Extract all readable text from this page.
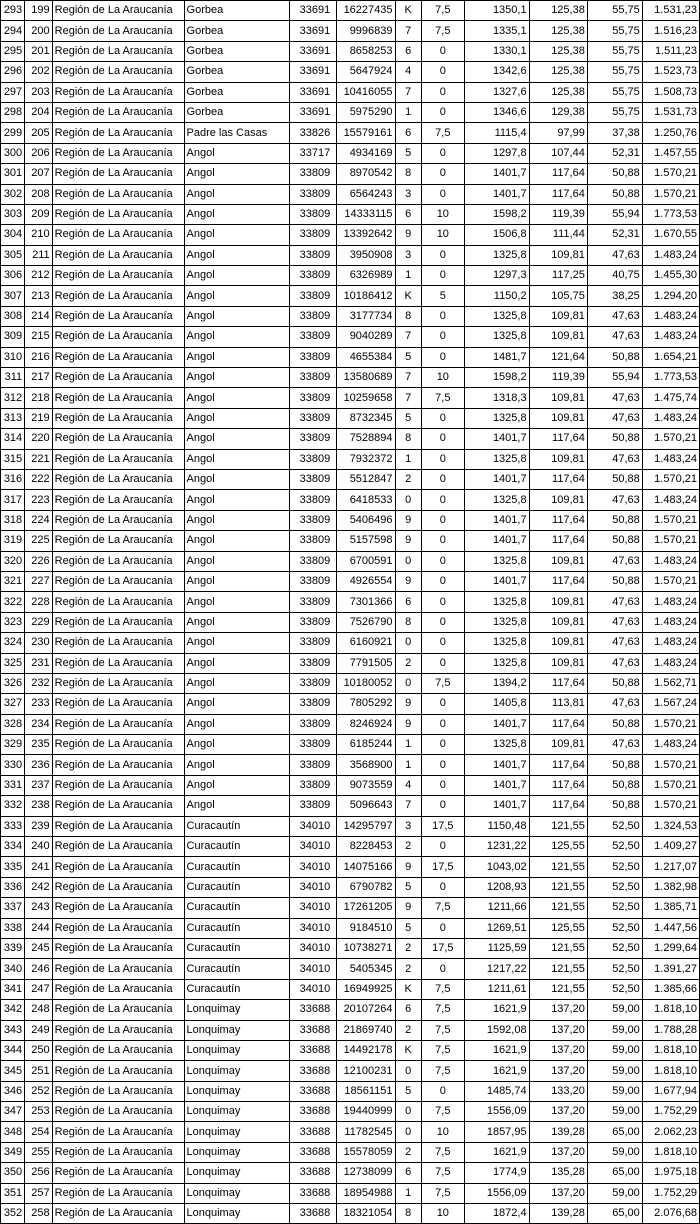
293	199	Región de La Araucanía	Gorbea	33691	16227435	K	7,5	1350,1	125,38	55,75	1.531,23
294	200	Región de La Araucanía	Gorbea	33691	9996839	7	7,5	1335,1	125,38	55,75	1.516,23
295	201	Región de La Araucanía	Gorbea	33691	8658253	6	0	1330,1	125,38	55,75	1.511,23
296	202	Región de La Araucanía	Gorbea	33691	5647924	4	0	1342,6	125,38	55,75	1.523,73
297	203	Región de La Araucanía	Gorbea	33691	10416055	7	0	1327,6	125,38	55,75	1.508,73
298	204	Región de La Araucanía	Gorbea	33691	5975290	1	0	1346,6	129,38	55,75	1.531,73
299	205	Región de La Araucanía	Padre las Casas	33826	15579161	6	7,5	1115,4	97,99	37,38	1.250,76
300	206	Región de La Araucanía	Angol	33717	4934169	5	0	1297,8	107,44	52,31	1.457,55
301	207	Región de La Araucanía	Angol	33809	8970542	8	0	1401,7	117,64	50,88	1.570,21
302	208	Región de La Araucanía	Angol	33809	6564243	3	0	1401,7	117,64	50,88	1.570,21
303	209	Región de La Araucanía	Angol	33809	14333115	6	10	1598,2	119,39	55,94	1.773,53
304	210	Región de La Araucanía	Angol	33809	13392642	9	10	1506,8	111,44	52,31	1.670,55
305	211	Región de La Araucanía	Angol	33809	3950908	3	0	1325,8	109,81	47,63	1.483,24
306	212	Región de La Araucanía	Angol	33809	6326989	1	0	1297,3	117,25	40,75	1.455,30
307	213	Región de La Araucanía	Angol	33809	10186412	K	5	1150,2	105,75	38,25	1.294,20
308	214	Región de La Araucanía	Angol	33809	3177734	8	0	1325,8	109,81	47,63	1.483,24
309	215	Región de La Araucanía	Angol	33809	9040289	7	0	1325,8	109,81	47,63	1.483,24
310	216	Región de La Araucanía	Angol	33809	4655384	5	0	1481,7	121,64	50,88	1.654,21
311	217	Región de La Araucanía	Angol	33809	13580689	7	10	1598,2	119,39	55,94	1.773,53
312	218	Región de La Araucanía	Angol	33809	10259658	7	7,5	1318,3	109,81	47,63	1.475,74
313	219	Región de La Araucanía	Angol	33809	8732345	5	0	1325,8	109,81	47,63	1.483,24
314	220	Región de La Araucanía	Angol	33809	7528894	8	0	1401,7	117,64	50,88	1.570,21
315	221	Región de La Araucanía	Angol	33809	7932372	1	0	1325,8	109,81	47,63	1.483,24
316	222	Región de La Araucanía	Angol	33809	5512847	2	0	1401,7	117,64	50,88	1.570,21
317	223	Región de La Araucanía	Angol	33809	6418533	0	0	1325,8	109,81	47,63	1.483,24
318	224	Región de La Araucanía	Angol	33809	5406496	9	0	1401,7	117,64	50,88	1.570,21
319	225	Región de La Araucanía	Angol	33809	5157598	9	0	1401,7	117,64	50,88	1.570,21
320	226	Región de La Araucanía	Angol	33809	6700591	0	0	1325,8	109,81	47,63	1.483,24
321	227	Región de La Araucanía	Angol	33809	4926554	9	0	1401,7	117,64	50,88	1.570,21
322	228	Región de La Araucanía	Angol	33809	7301366	6	0	1325,8	109,81	47,63	1.483,24
323	229	Región de La Araucanía	Angol	33809	7526790	8	0	1325,8	109,81	47,63	1.483,24
324	230	Región de La Araucanía	Angol	33809	6160921	0	0	1325,8	109,81	47,63	1.483,24
325	231	Región de La Araucanía	Angol	33809	7791505	2	0	1325,8	109,81	47,63	1.483,24
326	232	Región de La Araucanía	Angol	33809	10180052	0	7,5	1394,2	117,64	50,88	1.562,71
327	233	Región de La Araucanía	Angol	33809	7805292	9	0	1405,8	113,81	47,63	1.567,24
328	234	Región de La Araucanía	Angol	33809	8246924	9	0	1401,7	117,64	50,88	1.570,21
329	235	Región de La Araucanía	Angol	33809	6185244	1	0	1325,8	109,81	47,63	1.483,24
330	236	Región de La Araucanía	Angol	33809	3568900	1	0	1401,7	117,64	50,88	1.570,21
331	237	Región de La Araucanía	Angol	33809	9073559	4	0	1401,7	117,64	50,88	1.570,21
332	238	Región de La Araucanía	Angol	33809	5096643	7	0	1401,7	117,64	50,88	1.570,21
333	239	Región de La Araucanía	Curacautín	34010	14295797	3	17,5	1150,48	121,55	52,50	1.324,53
334	240	Región de La Araucanía	Curacautín	34010	8228453	2	0	1231,22	125,55	52,50	1.409,27
335	241	Región de La Araucanía	Curacautín	34010	14075166	9	17,5	1043,02	121,55	52,50	1.217,07
336	242	Región de La Araucanía	Curacautín	34010	6790782	5	0	1208,93	121,55	52,50	1.382,98
337	243	Región de La Araucanía	Curacautín	34010	17261205	9	7,5	1211,66	121,55	52,50	1.385,71
338	244	Región de La Araucanía	Curacautín	34010	9184510	5	0	1269,51	125,55	52,50	1.447,56
339	245	Región de La Araucanía	Curacautín	34010	10738271	2	17,5	1125,59	121,55	52,50	1.299,64
340	246	Región de La Araucanía	Curacautín	34010	5405345	2	0	1217,22	121,55	52,50	1.391,27
341	247	Región de La Araucanía	Curacautín	34010	16949925	K	7,5	1211,61	121,55	52,50	1.385,66
342	248	Región de La Araucanía	Lonquimay	33688	20107264	6	7,5	1621,9	137,20	59,00	1.818,10
343	249	Región de La Araucanía	Lonquimay	33688	21869740	2	7,5	1592,08	137,20	59,00	1.788,28
344	250	Región de La Araucanía	Lonquimay	33688	14492178	K	7,5	1621,9	137,20	59,00	1.818,10
345	251	Región de La Araucanía	Lonquimay	33688	12100231	0	7,5	1621,9	137,20	59,00	1.818,10
346	252	Región de La Araucanía	Lonquimay	33688	18561151	5	0	1485,74	133,20	59,00	1.677,94
347	253	Región de La Araucanía	Lonquimay	33688	19440999	0	7,5	1556,09	137,20	59,00	1.752,29
348	254	Región de La Araucanía	Lonquimay	33688	11782545	0	10	1857,95	139,28	65,00	2.062,23
349	255	Región de La Araucanía	Lonquimay	33688	15578059	2	7,5	1621,9	137,20	59,00	1.818,10
350	256	Región de La Araucanía	Lonquimay	33688	12738099	6	7,5	1774,9	135,28	65,00	1.975,18
351	257	Región de La Araucanía	Lonquimay	33688	18954988	1	7,5	1556,09	137,20	59,00	1.752,29
352	258	Región de La Araucanía	Lonquimay	33688	18321054	8	10	1872,4	139,28	65,00	2.076,68
